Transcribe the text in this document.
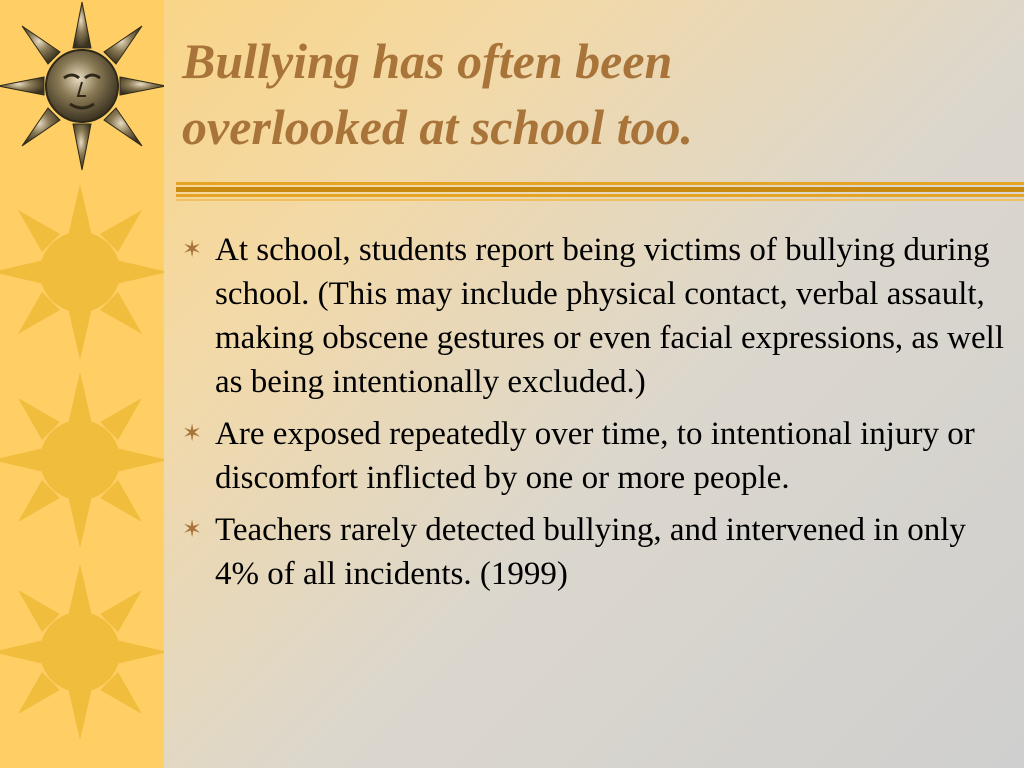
Bullying has often been
overlooked at school too.
✶ At school, students report being victims of bullying during school. (This may include physical contact, verbal assault, making obscene gestures or even facial expressions, as well as being intentionally excluded.)
✶ Are exposed repeatedly over time, to intentional injury or discomfort inflicted by one or more people.
✶ Teachers rarely detected bullying, and intervened in only 4% of all incidents. (1999)
